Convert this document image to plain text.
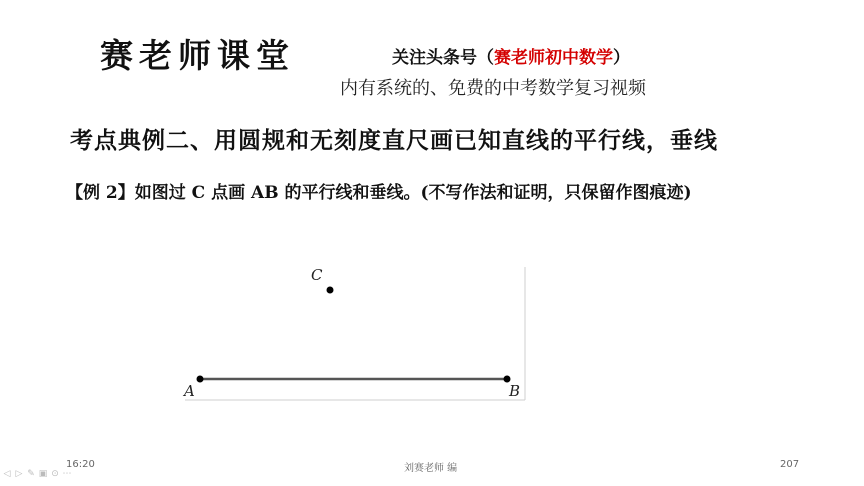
赛老师课堂	关注头条号（赛老师初中数学）
内有系统的、免费的中考数学复习视频
考点典例二、用圆规和无刻度直尺画已知直线的平行线，垂线
【例 2】如图过 C 点画 AB 的平行线和垂线。(不写作法和证明，只保留作图痕迹)
A	B
C
16:20	刘赛老师 编	207
◁ ▷ ✎ ▣ ⊙ ⋯
